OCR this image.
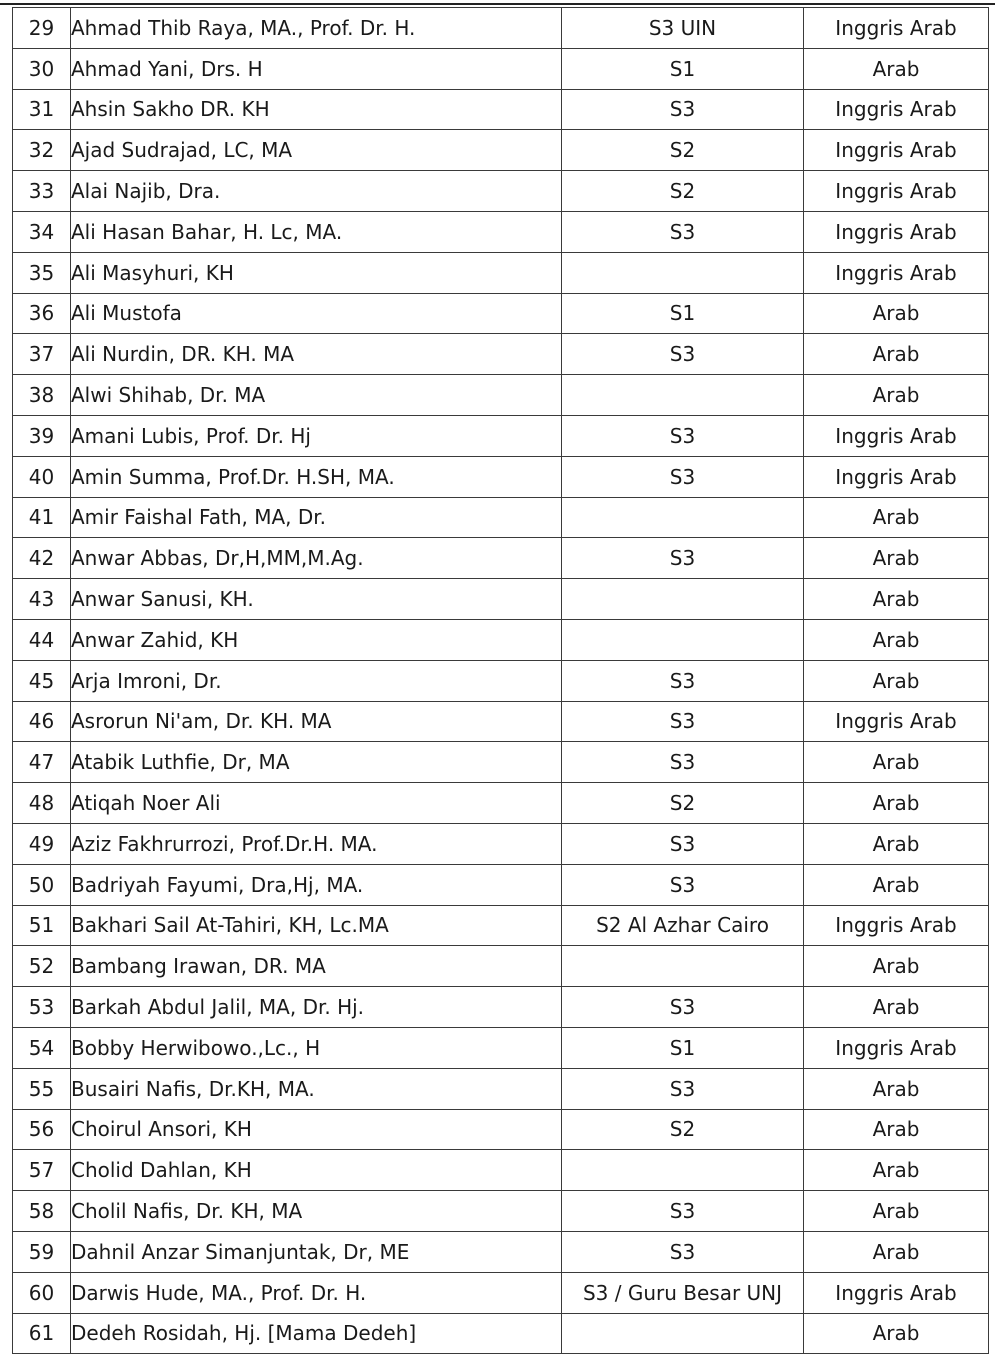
29	Ahmad Thib Raya, MA., Prof. Dr. H.	S3 UIN	Inggris Arab
30	Ahmad Yani, Drs. H	S1	Arab
31	Ahsin Sakho DR. KH	S3	Inggris Arab
32	Ajad Sudrajad, LC, MA	S2	Inggris Arab
33	Alai Najib, Dra.	S2	Inggris Arab
34	Ali Hasan Bahar, H. Lc, MA.	S3	Inggris Arab
35	Ali Masyhuri, KH		Inggris Arab
36	Ali Mustofa	S1	Arab
37	Ali Nurdin, DR. KH. MA	S3	Arab
38	Alwi Shihab, Dr. MA		Arab
39	Amani Lubis, Prof. Dr. Hj	S3	Inggris Arab
40	Amin Summa, Prof.Dr. H.SH, MA.	S3	Inggris Arab
41	Amir Faishal Fath, MA, Dr.		Arab
42	Anwar Abbas, Dr,H,MM,M.Ag.	S3	Arab
43	Anwar Sanusi, KH.		Arab
44	Anwar Zahid, KH		Arab
45	Arja Imroni, Dr.	S3	Arab
46	Asrorun Ni'am, Dr. KH. MA	S3	Inggris Arab
47	Atabik Luthfie, Dr, MA	S3	Arab
48	Atiqah Noer Ali	S2	Arab
49	Aziz Fakhrurrozi, Prof.Dr.H. MA.	S3	Arab
50	Badriyah Fayumi, Dra,Hj, MA.	S3	Arab
51	Bakhari Sail At-Tahiri, KH, Lc.MA	S2 Al Azhar Cairo	Inggris Arab
52	Bambang Irawan, DR. MA		Arab
53	Barkah Abdul Jalil, MA, Dr. Hj.	S3	Arab
54	Bobby Herwibowo.,Lc., H	S1	Inggris Arab
55	Busairi Nafis, Dr.KH, MA.	S3	Arab
56	Choirul Ansori, KH	S2	Arab
57	Cholid Dahlan, KH		Arab
58	Cholil Nafis, Dr. KH, MA	S3	Arab
59	Dahnil Anzar Simanjuntak, Dr, ME	S3	Arab
60	Darwis Hude, MA., Prof. Dr. H.	S3 / Guru Besar UNJ	Inggris Arab
61	Dedeh Rosidah, Hj. [Mama Dedeh]		Arab
